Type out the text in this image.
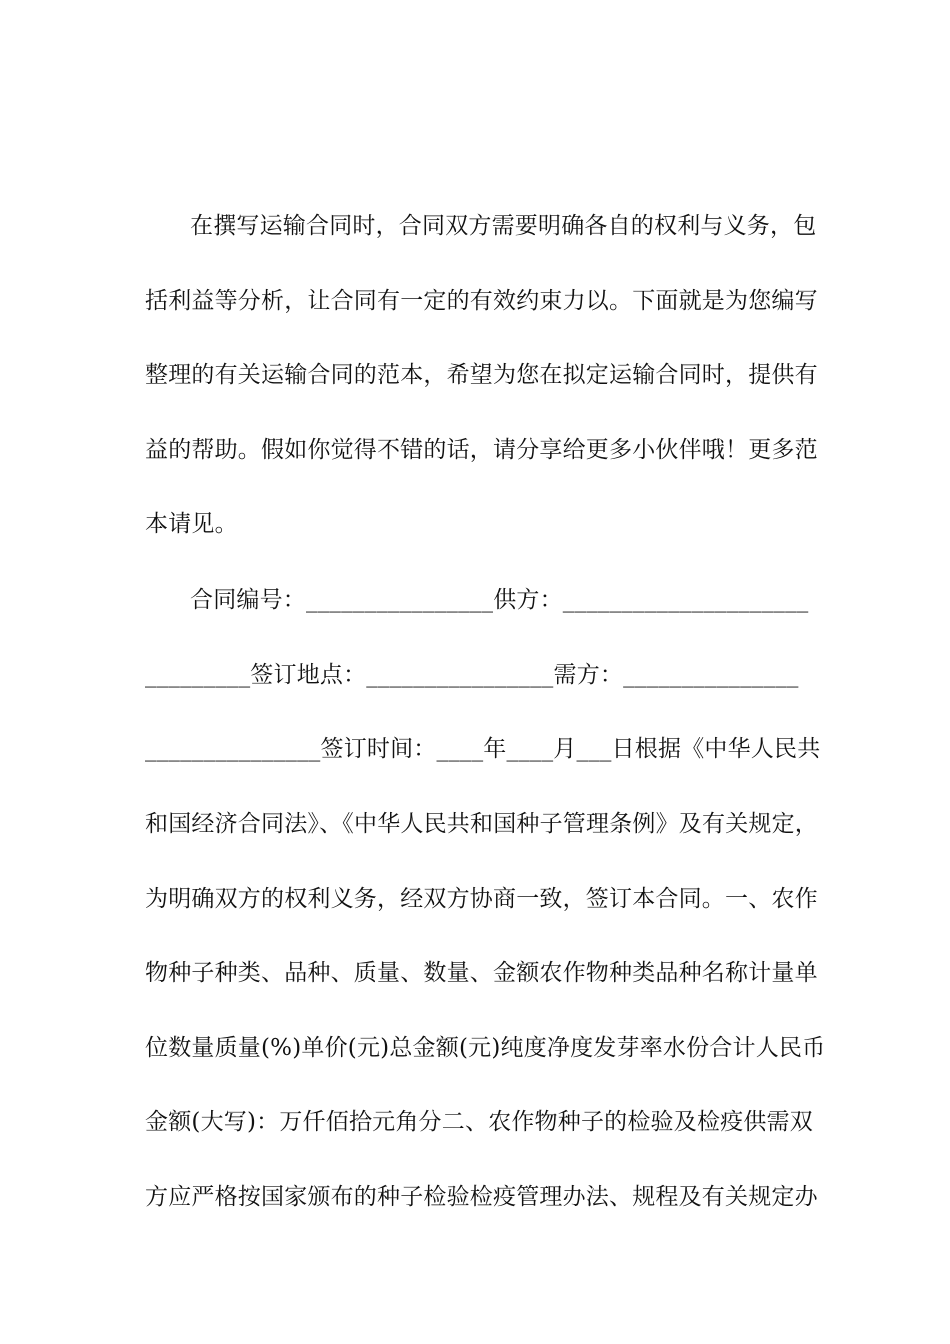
在撰写运输合同时，合同双方需要明确各自的权利与义务，包
括利益等分析，让合同有一定的有效约束力以。下面就是为您编写
整理的有关运输合同的范本，希望为您在拟定运输合同时，提供有
益的帮助。假如你觉得不错的话，请分享给更多小伙伴哦！更多范
本请见。
合同编号：________________供方：_____________________
_________签订地点：________________需方：_______________
_______________签订时间：____年____月___日根据《中华人民共
和国经济合同法》、《中华人民共和国种子管理条例》及有关规定，
为明确双方的权利义务，经双方协商一致，签订本合同。一、农作
物种子种类、品种、质量、数量、金额农作物种类品种名称计量单
位数量质量(%)单价(元)总金额(元)纯度净度发芽率水份合计人民币
金额(大写)：万仟佰拾元角分二、农作物种子的检验及检疫供需双
方应严格按国家颁布的种子检验检疫管理办法、规程及有关规定办
